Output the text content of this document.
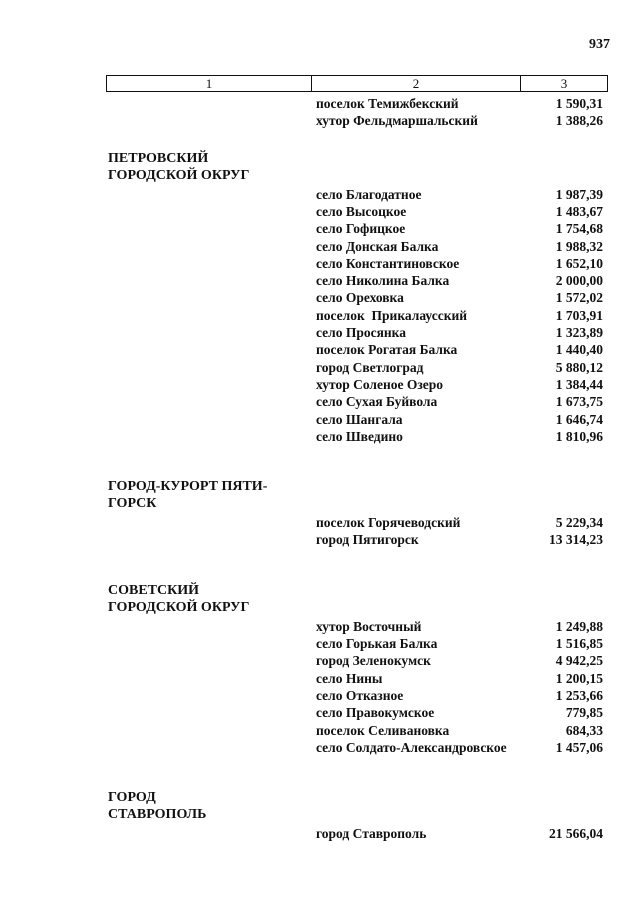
937
1	2	3
поселок Темижбекский	1 590,31
хутор Фельдмаршальский	1 388,26
ПЕТРОВСКИЙ
ГОРОДСКОЙ ОКРУГ
село Благодатное	1 987,39
село Высоцкое	1 483,67
село Гофицкое	1 754,68
село Донская Балка	1 988,32
село Константиновское	1 652,10
село Николина Балка	2 000,00
село Ореховка	1 572,02
поселок  Прикалаусский	1 703,91
село Просянка	1 323,89
поселок Рогатая Балка	1 440,40
город Светлоград	5 880,12
хутор Соленое Озеро	1 384,44
село Сухая Буйвола	1 673,75
село Шангала	1 646,74
село Шведино	1 810,96
ГОРОД-КУРОРТ ПЯТИ-
ГОРСК
поселок Горячеводский	5 229,34
город Пятигорск	13 314,23
СОВЕТСКИЙ
ГОРОДСКОЙ ОКРУГ
хутор Восточный	1 249,88
село Горькая Балка	1 516,85
город Зеленокумск	4 942,25
село Нины	1 200,15
село Отказное	1 253,66
село Правокумское	779,85
поселок Селивановка	684,33
село Солдато-Александровское	1 457,06
ГОРОД
СТАВРОПОЛЬ
город Ставрополь	21 566,04
